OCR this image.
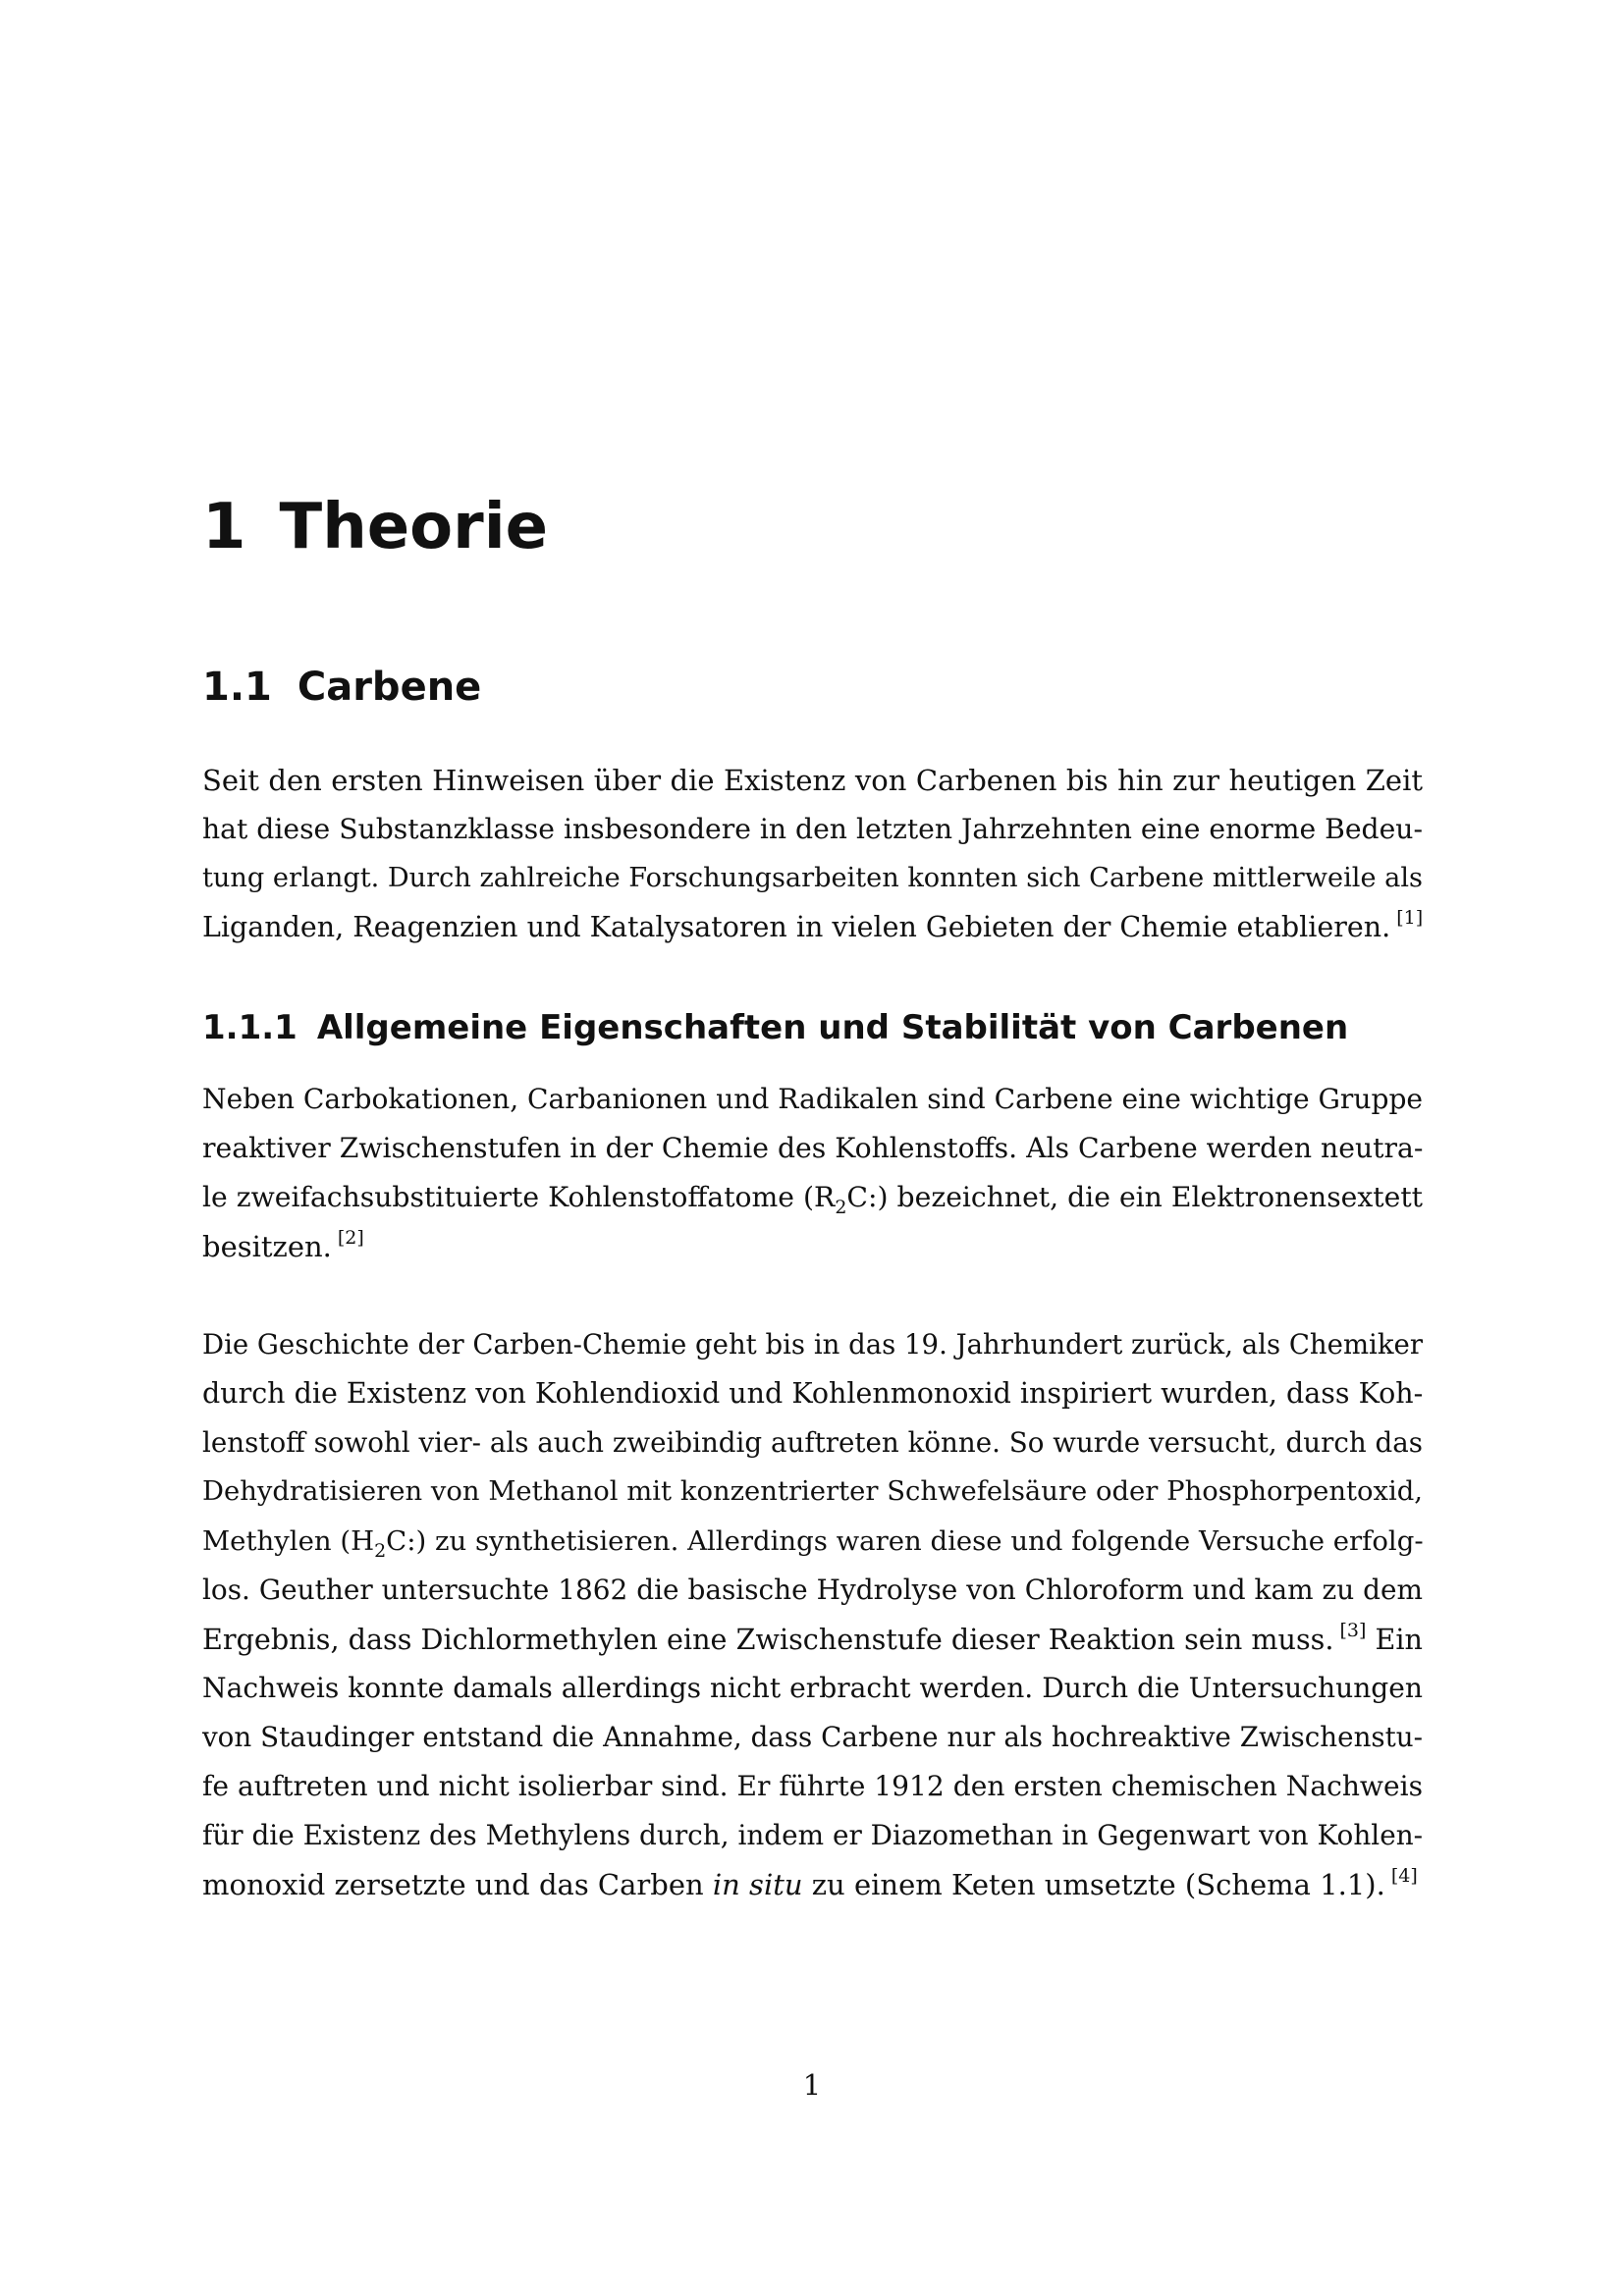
1 Theorie
1.1 Carbene
Seit den ersten Hinweisen über die Existenz von Carbenen bis hin zur heutigen Zeit
hat diese Substanzklasse insbesondere in den letzten Jahrzehnten eine enorme Bedeu-
tung erlangt. Durch zahlreiche Forschungsarbeiten konnten sich Carbene mittlerweile als
Liganden, Reagenzien und Katalysatoren in vielen Gebieten der Chemie etablieren. [1]
1.1.1 Allgemeine Eigenschaften und Stabilität von Carbenen
Neben Carbokationen, Carbanionen und Radikalen sind Carbene eine wichtige Gruppe
reaktiver Zwischenstufen in der Chemie des Kohlenstoffs. Als Carbene werden neutra-
le zweifachsubstituierte Kohlenstoffatome $(R_2C:)$ bezeichnet, die ein Elektronensextett
besitzen. [2]
Die Geschichte der Carben-Chemie geht bis in das 19. Jahrhundert zurück, als Chemiker
durch die Existenz von Kohlendioxid und Kohlenmonoxid inspiriert wurden, dass Koh-
lenstoff sowohl vier- als auch zweibindig auftreten könne. So wurde versucht, durch das
Dehydratisieren von Methanol mit konzentrierter Schwefelsäure oder Phosphorpentoxid,
Methylen $(H_2C:)$ zu synthetisieren. Allerdings waren diese und folgende Versuche erfolg-
los. Geuther untersuchte 1862 die basische Hydrolyse von Chloroform und kam zu dem
Ergebnis, dass Dichlormethylen eine Zwischenstufe dieser Reaktion sein muss. [3] Ein
Nachweis konnte damals allerdings nicht erbracht werden. Durch die Untersuchungen
von Staudinger entstand die Annahme, dass Carbene nur als hochreaktive Zwischenstu-
fe auftreten und nicht isolierbar sind. Er führte 1912 den ersten chemischen Nachweis
für die Existenz des Methylens durch, indem er Diazomethan in Gegenwart von Kohlen-
monoxid zersetzte und das Carben in situ zu einem Keten umsetzte (Schema 1.1). [4]
1
